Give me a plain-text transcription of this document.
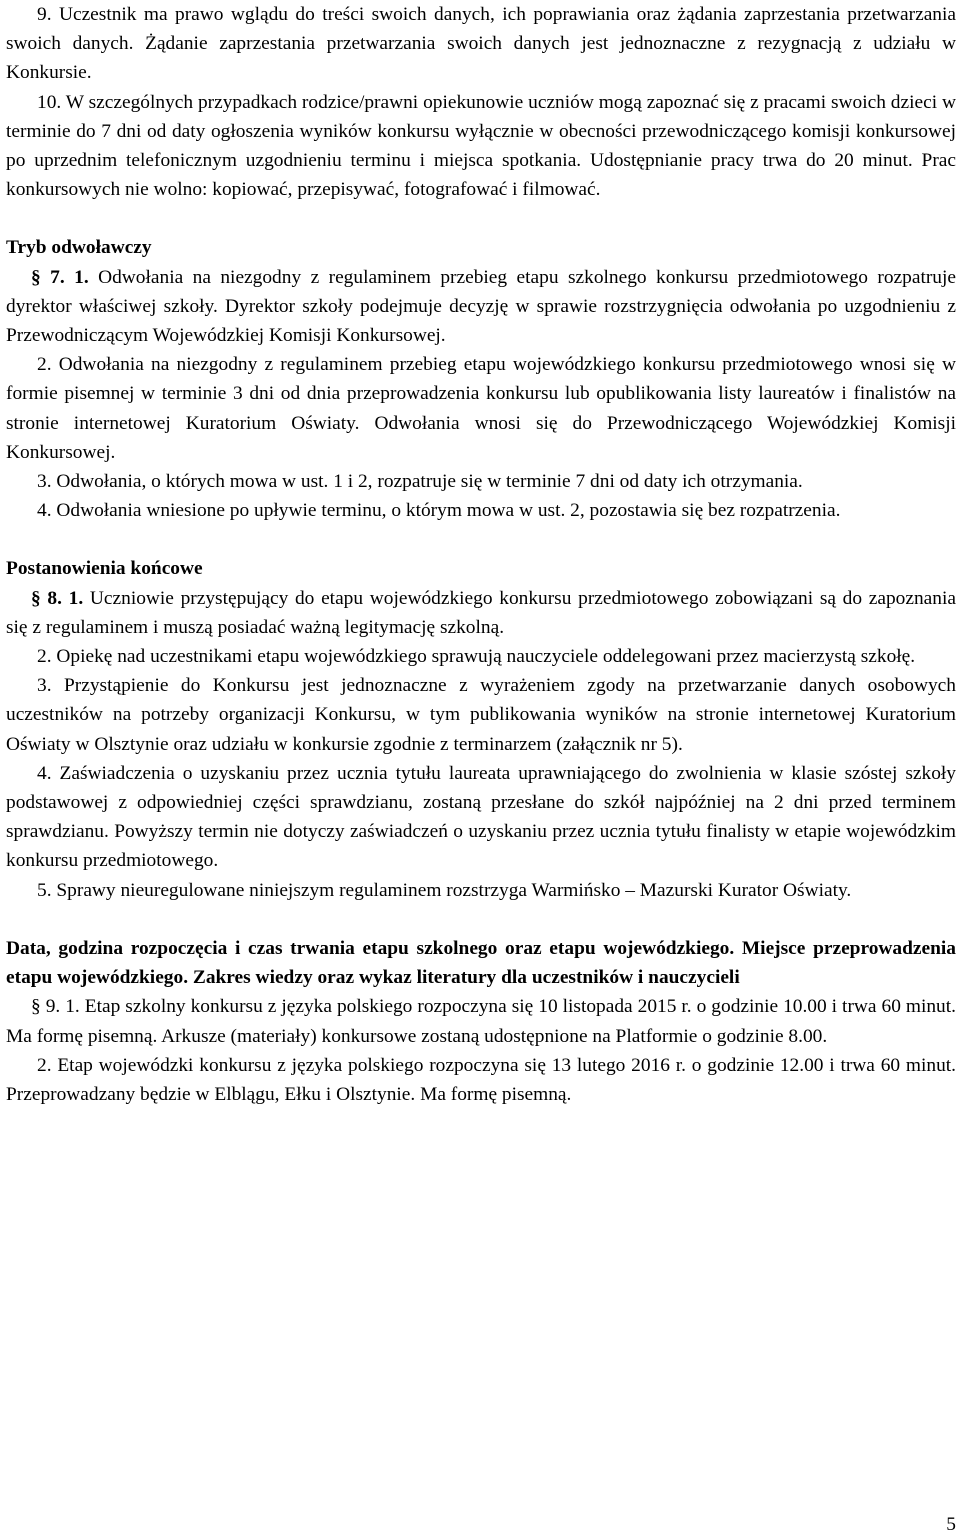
9. Uczestnik ma prawo wglądu do treści swoich danych, ich poprawiania oraz żądania zaprzestania przetwarzania swoich danych. Żądanie zaprzestania przetwarzania swoich danych jest jednoznaczne z rezygnacją z udziału w Konkursie.

10. W szczególnych przypadkach rodzice/prawni opiekunowie uczniów mogą zapoznać się z pracami swoich dzieci w terminie do 7 dni od daty ogłoszenia wyników konkursu wyłącznie w obecności przewodniczącego komisji konkursowej po uprzednim telefonicznym uzgodnieniu terminu i miejsca spotkania. Udostępnianie pracy trwa do 20 minut. Prac konkursowych nie wolno: kopiować, przepisywać, fotografować i filmować.

Tryb odwoławczy

§ 7. 1. Odwołania na niezgodny z regulaminem przebieg etapu szkolnego konkursu przedmiotowego rozpatruje dyrektor właściwej szkoły. Dyrektor szkoły podejmuje decyzję w sprawie rozstrzygnięcia odwołania po uzgodnieniu z Przewodniczącym Wojewódzkiej Komisji Konkursowej.

2. Odwołania na niezgodny z regulaminem przebieg etapu wojewódzkiego konkursu przedmiotowego wnosi się w formie pisemnej w terminie 3 dni od dnia przeprowadzenia konkursu lub opublikowania listy laureatów i finalistów na stronie internetowej Kuratorium Oświaty. Odwołania wnosi się do Przewodniczącego Wojewódzkiej Komisji Konkursowej.

3. Odwołania, o których mowa w ust. 1 i 2, rozpatruje się w terminie 7 dni od daty ich otrzymania.

4. Odwołania wniesione po upływie terminu, o którym mowa w ust. 2, pozostawia się bez rozpatrzenia.

Postanowienia końcowe

§ 8. 1. Uczniowie przystępujący do etapu wojewódzkiego konkursu przedmiotowego zobowiązani są do zapoznania się z regulaminem i muszą posiadać ważną legitymację szkolną.

2. Opiekę nad uczestnikami etapu wojewódzkiego sprawują nauczyciele oddelegowani przez macierzystą szkołę.

3. Przystąpienie do Konkursu jest jednoznaczne z wyrażeniem zgody na przetwarzanie danych osobowych uczestników na potrzeby organizacji Konkursu, w tym publikowania wyników na stronie internetowej Kuratorium Oświaty w Olsztynie oraz udziału w konkursie zgodnie z terminarzem (załącznik nr 5).

4. Zaświadczenia o uzyskaniu przez ucznia tytułu laureata uprawniającego do zwolnienia w klasie szóstej szkoły podstawowej z odpowiedniej części sprawdzianu, zostaną przesłane do szkół najpóźniej na 2 dni przed terminem sprawdzianu. Powyższy termin nie dotyczy zaświadczeń o uzyskaniu przez ucznia tytułu finalisty w etapie wojewódzkim konkursu przedmiotowego.

5. Sprawy nieuregulowane niniejszym regulaminem rozstrzyga Warmińsko – Mazurski Kurator Oświaty.

Data, godzina rozpoczęcia i czas trwania etapu szkolnego oraz etapu wojewódzkiego. Miejsce przeprowadzenia etapu wojewódzkiego. Zakres wiedzy oraz wykaz literatury dla uczestników i nauczycieli

§ 9. 1. Etap szkolny konkursu z języka polskiego rozpoczyna się 10 listopada 2015 r. o godzinie 10.00 i trwa 60 minut. Ma formę pisemną. Arkusze (materiały) konkursowe zostaną udostępnione na Platformie o godzinie 8.00.

2. Etap wojewódzki konkursu z języka polskiego rozpoczyna się 13 lutego 2016 r. o godzinie 12.00 i trwa 60 minut. Przeprowadzany będzie w Elblągu, Ełku i Olsztynie. Ma formę pisemną.

5
